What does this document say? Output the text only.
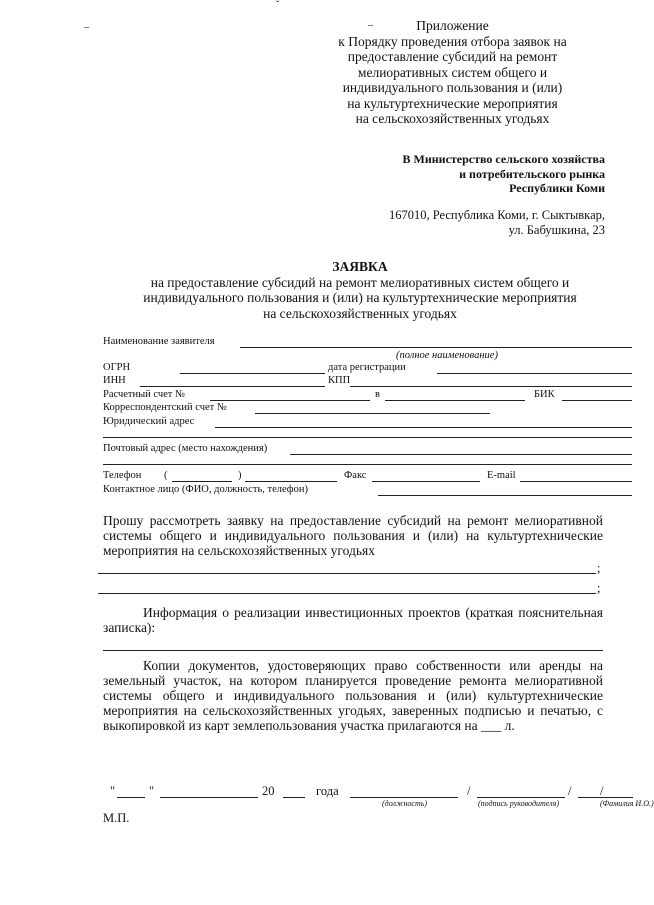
ˇ
–	–	Приложение
к Порядку проведения отбора заявок на
предоставление субсидий на ремонт
мелиоративных систем общего и
индивидуального пользования и (или)
на культуртехнические мероприятия
на сельскохозяйственных угодьях
В Министерство сельского хозяйства
и потребительского рынка
Республики Коми
167010, Республика Коми, г. Сыктывкар,
ул. Бабушкина, 23
ЗАЯВКА
на предоставление субсидий на ремонт мелиоративных систем общего и
индивидуального пользования и (или) на культуртехнические мероприятия
на сельскохозяйственных угодьях
Наименование заявителя
(полное наименование)
ОГРН	дата регистрации
ИНН	КПП
Расчетный счет №	в	БИК
Корреспондентский счет №
Юридический адрес
Почтовый адрес (место нахождения)
Телефон (	)	Факс	E-mail
Контактное лицо (ФИО, должность, телефон)
Прошу рассмотреть заявку на предоставление субсидий на ремонт мелиоративной системы общего и индивидуального пользования и (или) на культуртехнические мероприятия на сельскохозяйственных угодьях
;
;
Информация о реализации инвестиционных проектов (краткая пояснительная записка):
Копии документов, удостоверяющих право собственности или аренды на земельный участок, на котором планируется проведение ремонта мелиоративной системы общего и индивидуального пользования и (или) культуртехнические мероприятия на сельскохозяйственных угодьях, заверенных подписью и печатью, с выкопировкой из карт землепользования участка прилагаются на ___ л.
"	"	20	года	/	/ /
(должность)	(подпись руководителя)	(Фамилия И.О.)
М.П.
